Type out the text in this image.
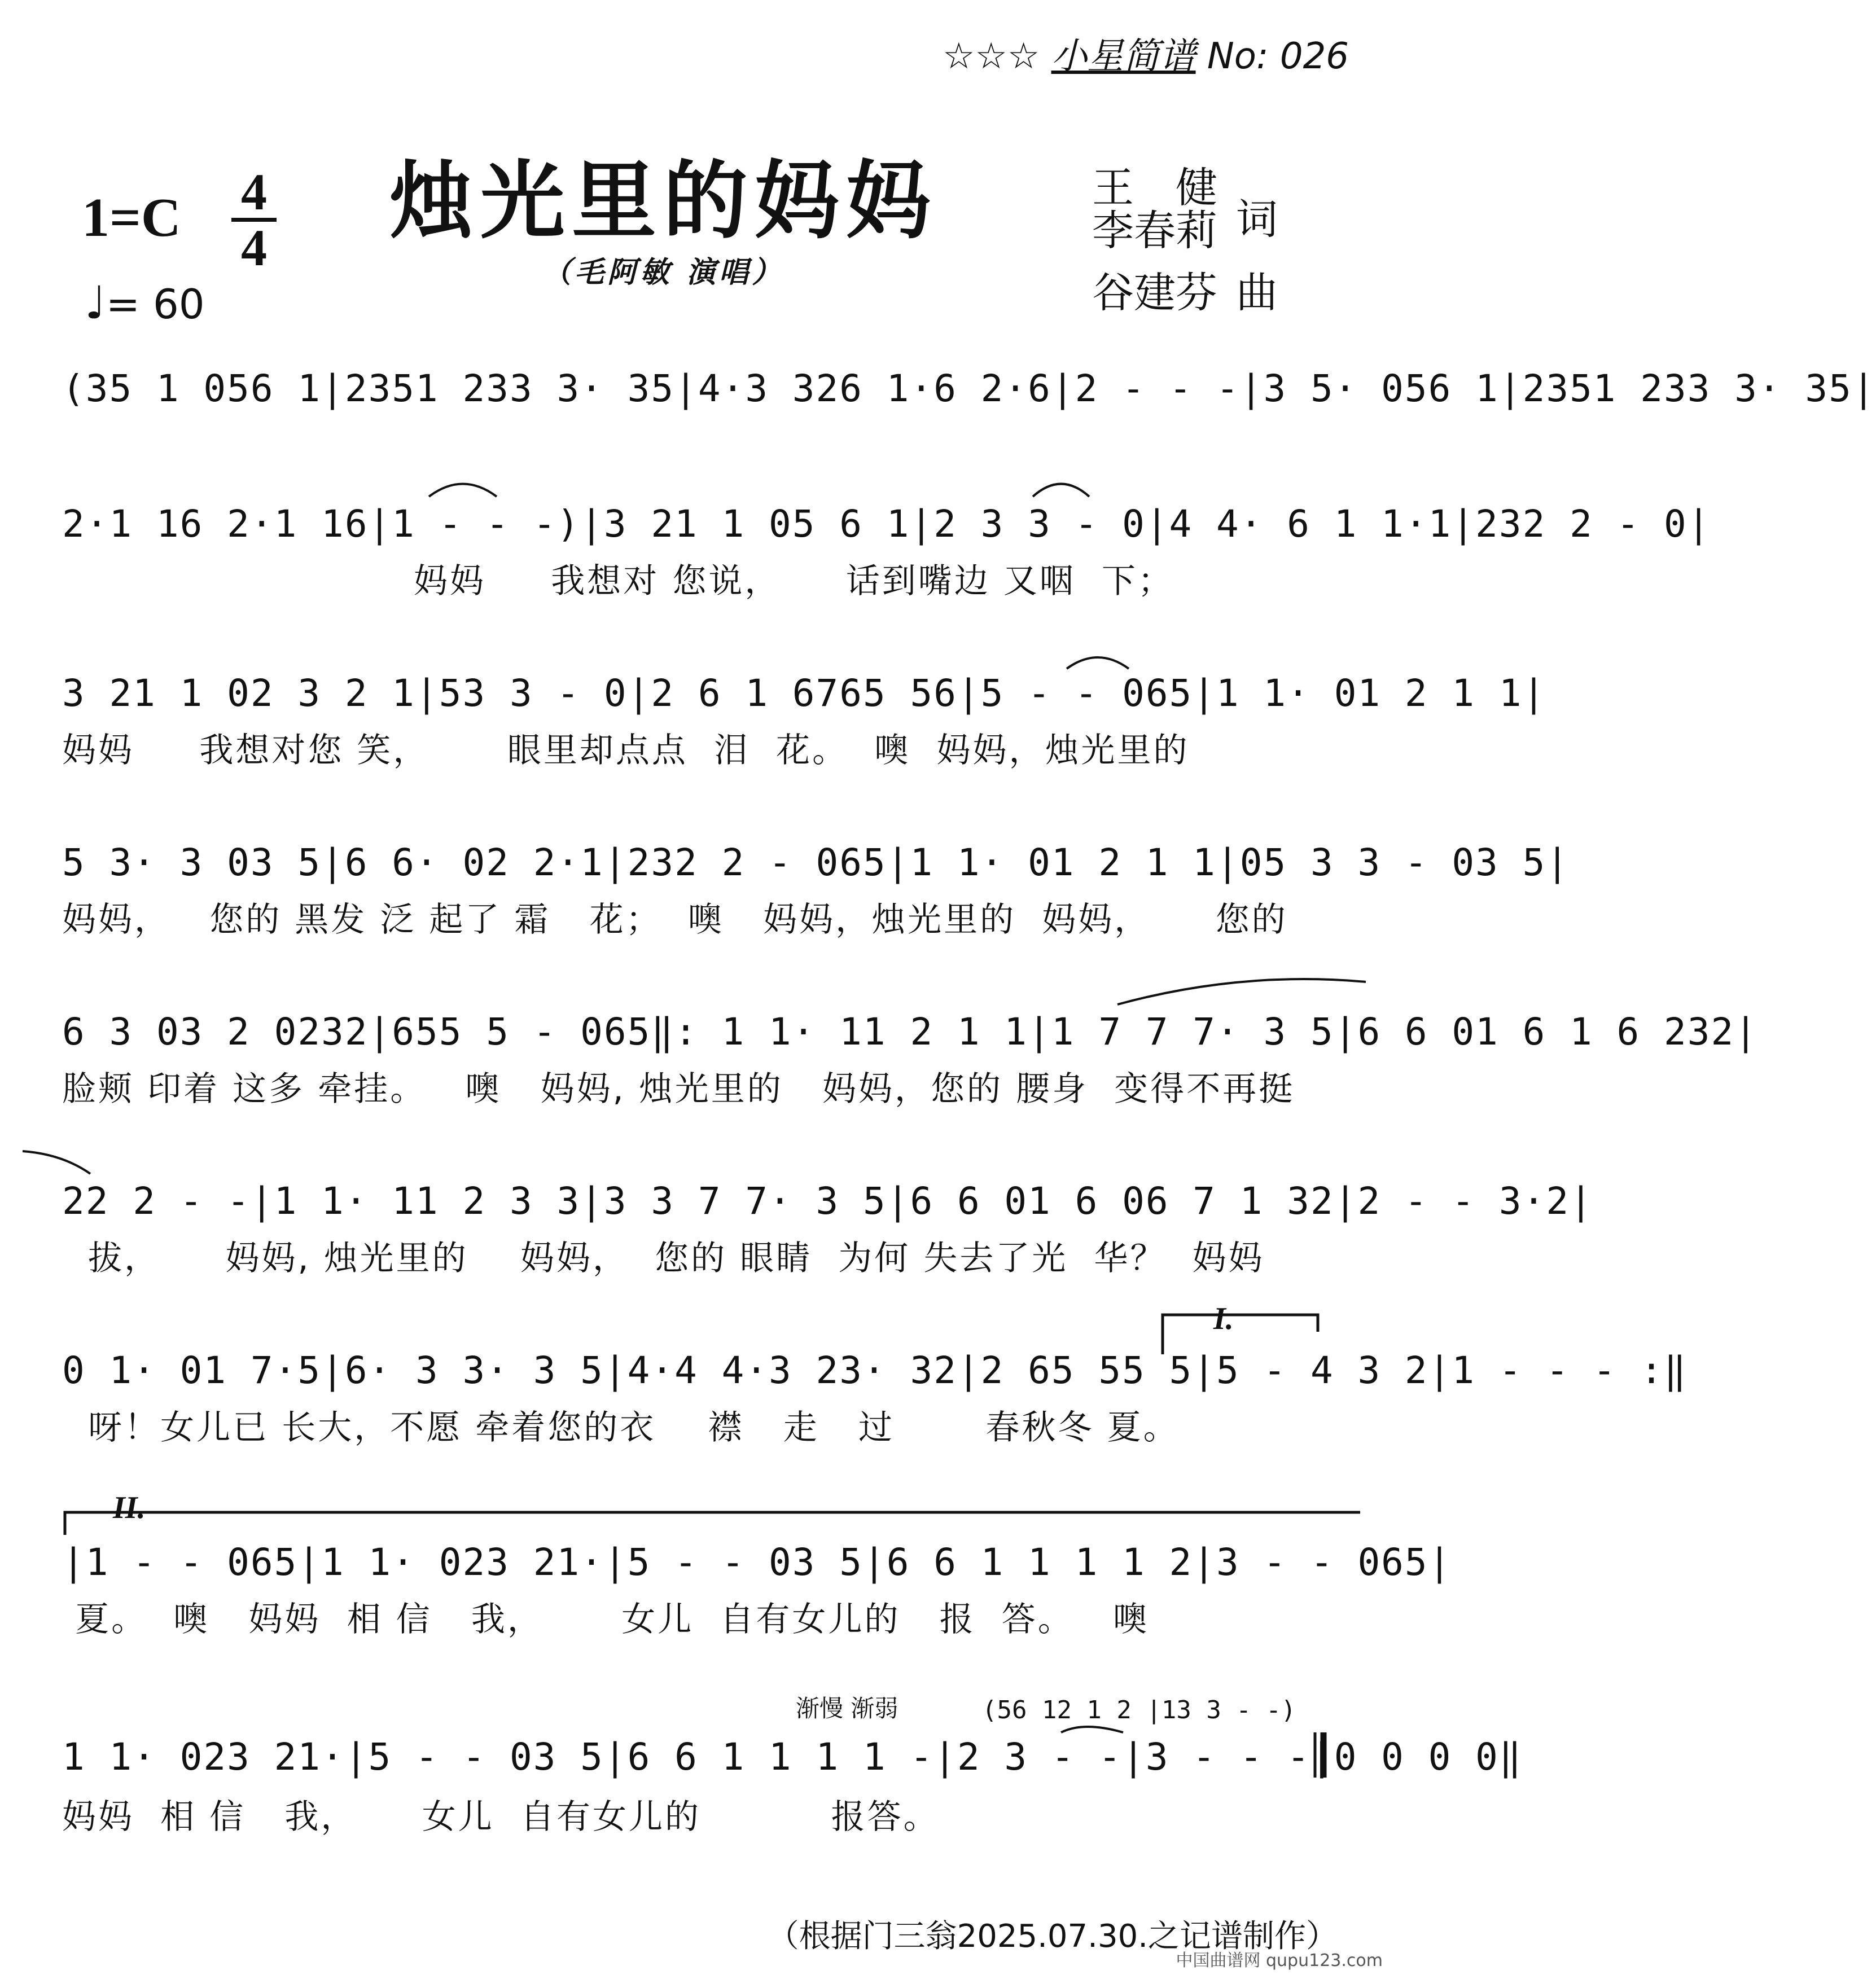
☆☆☆ 小星简谱 No: 026
1=C 4
4
♩= 60
烛光里的妈妈
（毛阿敏 演唱）
王　健
李春莉 词
谷建芬 曲
(35 1 056 1|2351 233 3· 35|4·3 326 1·6 2·6|2 - - -|3 5· 056 1|2351 233 3· 35|
2·1 16 2·1 16|1 - - -)|3 21 1 05 6 1|2 3 3 - 0|4 4· 6 1 1·1|232 2 - 0|
妈妈     我想对 您说，     话到嘴边 又咽  下；
3 21 1 02 3 2 1|53 3 - 0|2 6 1 6765 56|5 - - 065|1 1· 01 2 1 1|
妈妈     我想对您 笑，      眼里却点点  泪  花。  噢  妈妈，烛光里的
5 3· 3 03 5|6 6· 02 2·1|232 2 - 065|1 1· 01 2 1 1|05 3 3 - 03 5|
妈妈，   您的 黑发 泛 起了 霜   花；  噢   妈妈，烛光里的  妈妈，     您的
6 3 03 2 0232|655 5 - 065‖: 1 1· 11 2 1 1|1 7 7 7· 3 5|6 6 01 6 1 6 232|
脸颊 印着 这多 牵挂。   噢   妈妈, 烛光里的   妈妈，您的 腰身  变得不再挺
22 2 - -|1 1· 11 2 3 3|3 3 7 7· 3 5|6 6 01 6 06 7 1 32|2 - - 3·2|
拔，     妈妈, 烛光里的    妈妈，  您的 眼睛  为何 失去了光  华？  妈妈
0 1· 01 7·5|6· 3 3· 3 5|4·4 4·3 23· 32|2 65 55 5|5 - 4 3 2|1 - - - :‖
呀！女儿已 长大，不愿 牵着您的衣    襟   走   过       春秋冬 夏。
|1 - - 065|1 1· 023 21·|5 - - 03 5|6 6 1 1 1 1 2|3 - - 065|
夏。  噢   妈妈  相 信   我，      女儿  自有女儿的   报  答。   噢
1 1· 023 21·|5 - - 03 5|6 6 1 1 1 1 -|2 3 - -|3 - - -|0 0 0 0‖
妈妈  相 信   我，     女儿  自有女儿的          报答。
I.
II.
渐慢 渐弱	(56 12 1 2 |13 3 - -)
（根据门三翁2025.07.30.之记谱制作）
中国曲谱网 qupu123.com
